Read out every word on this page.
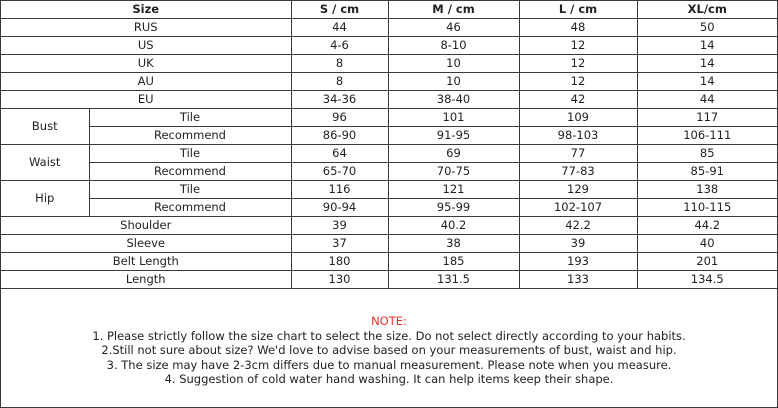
Size		S / cm	M / cm	L / cm	XL/cm
RUS		44	46	48	50
US		4-6	8-10	12	14
UK		8	10	12	14
AU		8	10	12	14
EU		34-36	38-40	42	44
Bust	Tile	96	101	109	117
	Recommend	86-90	91-95	98-103	106-111
Waist	Tile	64	69	77	85
	Recommend	65-70	70-75	77-83	85-91
Hip	Tile	116	121	129	138
	Recommend	90-94	95-99	102-107	110-115
Shoulder		39	40.2	42.2	44.2
Sleeve		37	38	39	40
Belt Length		180	185	193	201
Length		130	131.5	133	134.5
NOTE:
1. Please strictly follow the size chart to select the size. Do not select directly according to your habits.
2.Still not sure about size? We'd love to advise based on your measurements of bust, waist and hip.
3. The size may have 2-3cm differs due to manual measurement. Please note when you measure.
4. Suggestion of cold water hand washing. It can help items keep their shape.
